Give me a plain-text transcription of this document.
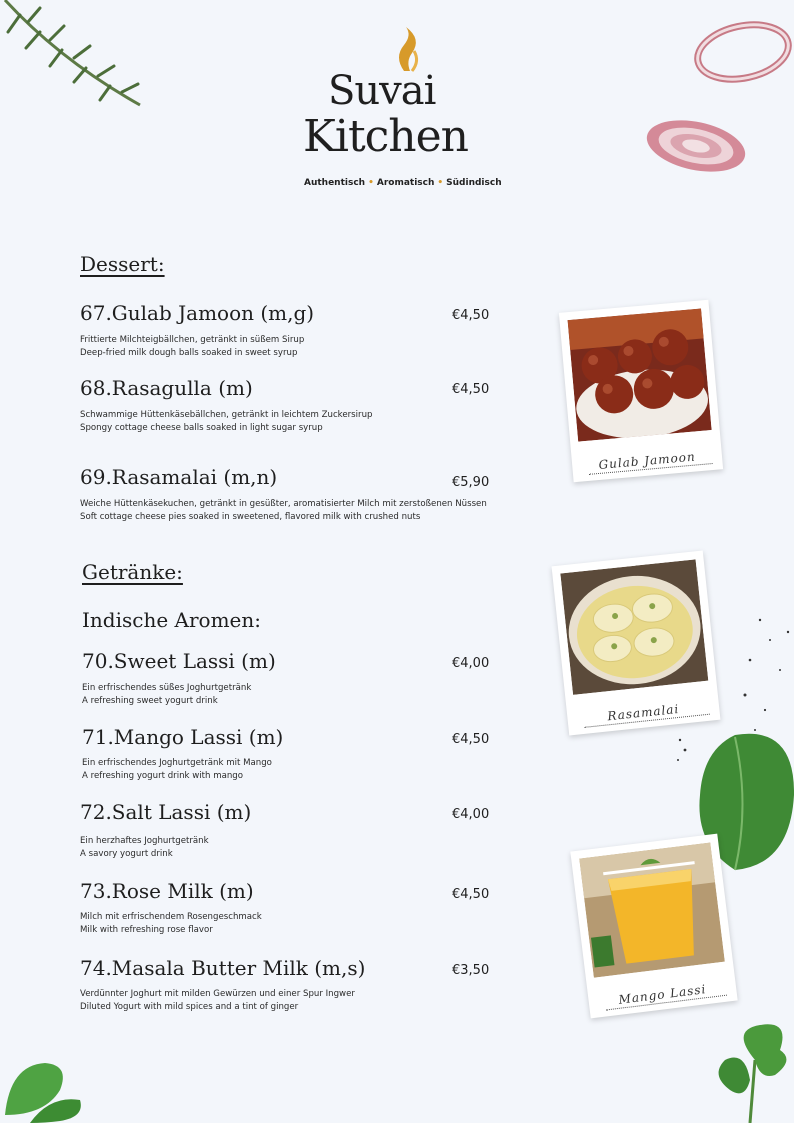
Suvai
Kitchen
Authentisch • Aromatisch • Südindisch
Dessert:
67.Gulab Jamoon (m,g)	€4,50
Frittierte Milchteigbällchen, getränkt in süßem Sirup
Deep-fried milk dough balls soaked in sweet syrup
68.Rasagulla (m)	€4,50
Schwammige Hüttenkäsebällchen, getränkt in leichtem Zuckersirup
Spongy cottage cheese balls soaked in light sugar syrup
69.Rasamalai (m,n)	€5,90
Weiche Hüttenkäsekuchen, getränkt in gesüßter, aromatisierter Milch mit zerstoßenen Nüssen
Soft cottage cheese pies soaked in sweetened, flavored milk with crushed nuts
Getränke:
Indische Aromen:
70.Sweet Lassi (m)	€4,00
Ein erfrischendes süßes Joghurtgetränk
A refreshing sweet yogurt drink
71.Mango Lassi (m)	€4,50
Ein erfrischendes Joghurtgetränk mit Mango
A refreshing yogurt drink with mango
72.Salt Lassi (m)	€4,00
Ein herzhaftes Joghurtgetränk
A savory yogurt drink
73.Rose Milk (m)	€4,50
Milch mit erfrischendem Rosengeschmack
Milk with refreshing rose flavor
74.Masala Butter Milk (m,s)	€3,50
Verdünnter Joghurt mit milden Gewürzen und einer Spur Ingwer
Diluted Yogurt with mild spices and a tint of ginger
Gulab Jamoon
Rasamalai
Mango Lassi
